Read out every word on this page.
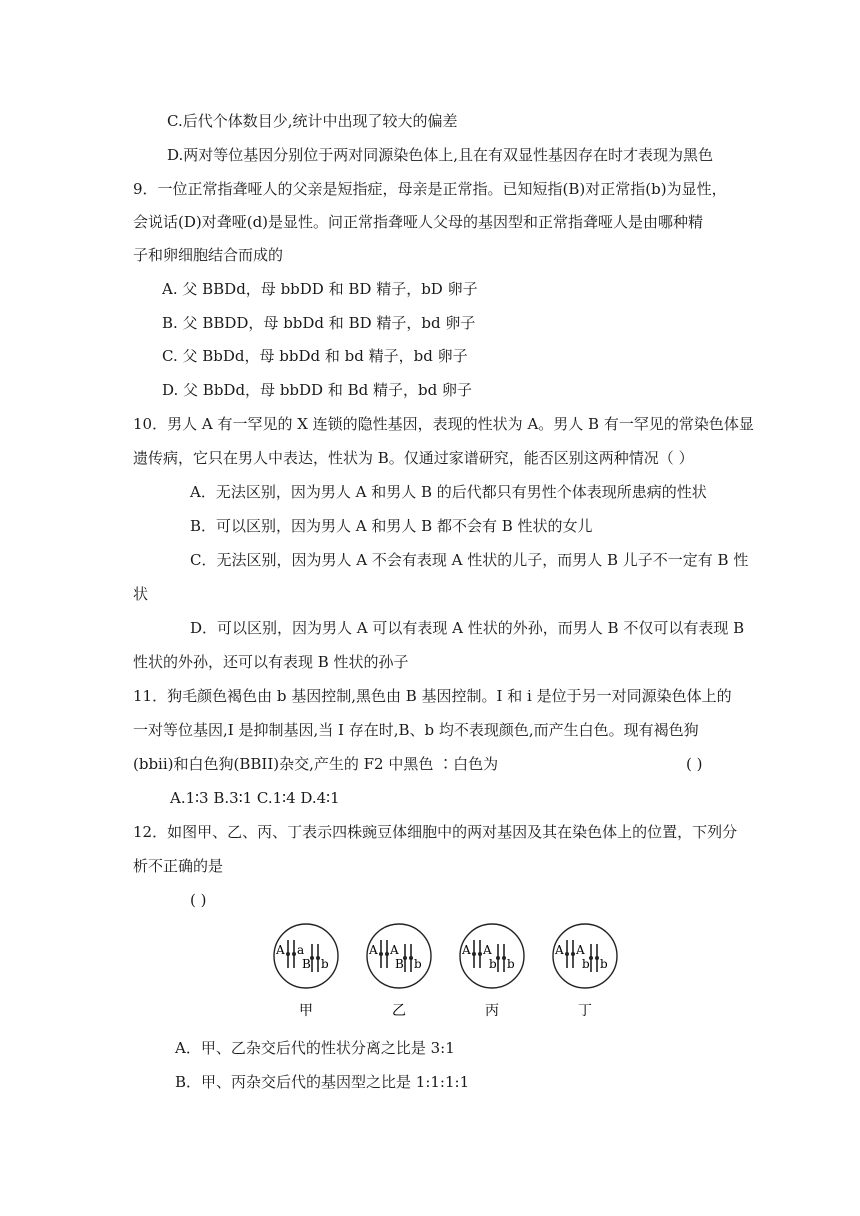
C.后代个体数目少,统计中出现了较大的偏差
D.两对等位基因分别位于两对同源染色体上,且在有双显性基因存在时才表现为黑色
9．一位正常指聋哑人的父亲是短指症，母亲是正常指。已知短指(B)对正常指(b)为显性，
会说话(D)对聋哑(d)是显性。问正常指聋哑人父母的基因型和正常指聋哑人是由哪种精
子和卵细胞结合而成的
A. 父 BBDd，母 bbDD 和 BD 精子，bD 卵子
B. 父 BBDD，母 bbDd 和 BD 精子，bd 卵子
C. 父 BbDd，母 bbDd 和 bd 精子，bd 卵子
D. 父 BbDd，母 bbDD 和 Bd 精子，bd 卵子
10．男人 A 有一罕见的 X 连锁的隐性基因，表现的性状为 A。男人 B 有一罕见的常染色体显
遗传病，它只在男人中表达，性状为 B。仅通过家谱研究，能否区别这两种情况（ ）
A．无法区别，因为男人 A 和男人 B 的后代都只有男性个体表现所患病的性状
B．可以区别，因为男人 A 和男人 B 都不会有 B 性状的女儿
C．无法区别，因为男人 A 不会有表现 A 性状的儿子，而男人 B 儿子不一定有 B 性
状
D．可以区别，因为男人 A 可以有表现 A 性状的外孙，而男人 B 不仅可以有表现 B
性状的外孙，还可以有表现 B 性状的孙子
11．狗毛颜色褐色由 b 基因控制,黑色由 B 基因控制。I 和 i 是位于另一对同源染色体上的
一对等位基因,I 是抑制基因,当 I 存在时,B、b 均不表现颜色,而产生白色。现有褐色狗
(bbii)和白色狗(BBII)杂交,产生的 F2 中黑色 ∶白色为	( )
A.1∶3 B.3∶1 C.1∶4 D.4∶1
12．如图甲、乙、丙、丁表示四株豌豆体细胞中的两对基因及其在染色体上的位置，下列分
析不正确的是
( )
A a
B b
甲
A A
B b
乙
A A
b b
丙
A A
b b
丁
A．甲、乙杂交后代的性状分离之比是 3:1
B．甲、丙杂交后代的基因型之比是 1:1:1:1
